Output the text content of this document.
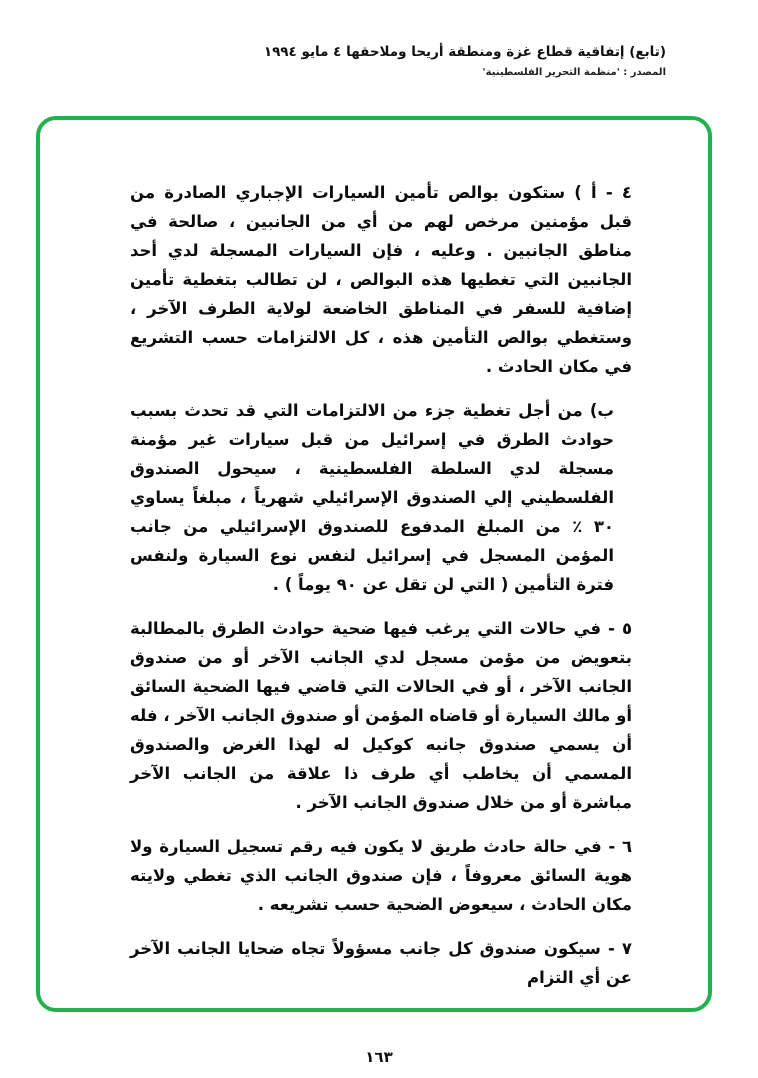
(تابع) إتفاقية قطاع غزة ومنطقة أريحا وملاحقها ٤ مايو ١٩٩٤
المصدر : 'منظمة التحرير الفلسطينية'

٤ - أ ) ستكون بوالص تأمين السيارات الإجباري الصادرة من قبل مؤمنين مرخص لهم من أي من الجانبين ، صالحة في مناطق الجانبين . وعليه ، فإن السيارات المسجلة لدي أحد الجانبين التي تغطيها هذه البوالص ، لن تطالب بتغطية تأمين إضافية للسفر في المناطق الخاضعة لولاية الطرف الآخر ، وستغطي بوالص التأمين هذه ، كل الالتزامات حسب التشريع في مكان الحادث .

ب) من أجل تغطية جزء من الالتزامات التي قد تحدث بسبب حوادث الطرق في إسرائيل من قبل سيارات غير مؤمنة مسجلة لدي السلطة الفلسطينية ، سيحول الصندوق الفلسطيني إلي الصندوق الإسرائيلي شهرياً ، مبلغاً يساوي ٣٠ ٪ من المبلغ المدفوع للصندوق الإسرائيلي من جانب المؤمن المسجل في إسرائيل لنفس نوع السيارة ولنفس فترة التأمين ( التي لن تقل عن ٩٠ يوماً ) .

٥ - في حالات التي يرغب فيها ضحية حوادث الطرق بالمطالبة بتعويض من مؤمن مسجل لدي الجانب الآخر أو من صندوق الجانب الآخر ، أو في الحالات التي قاضي فيها الضحية السائق أو مالك السيارة أو قاضاه المؤمن أو صندوق الجانب الآخر ، فله أن يسمي صندوق جانبه كوكيل له لهذا الغرض والصندوق المسمي أن يخاطب أي طرف ذا علاقة من الجانب الآخر مباشرة أو من خلال صندوق الجانب الآخر .

٦ - في حالة حادث طريق لا يكون فيه رقم تسجيل السيارة ولا هوية السائق معروفاً ، فإن صندوق الجانب الذي تغطي ولايته مكان الحادث ، سيعوض الضحية حسب تشريعه .

٧ - سيكون صندوق كل جانب مسؤولاً تجاه ضحايا الجانب الآخر عن أي التزام

١٦٣
